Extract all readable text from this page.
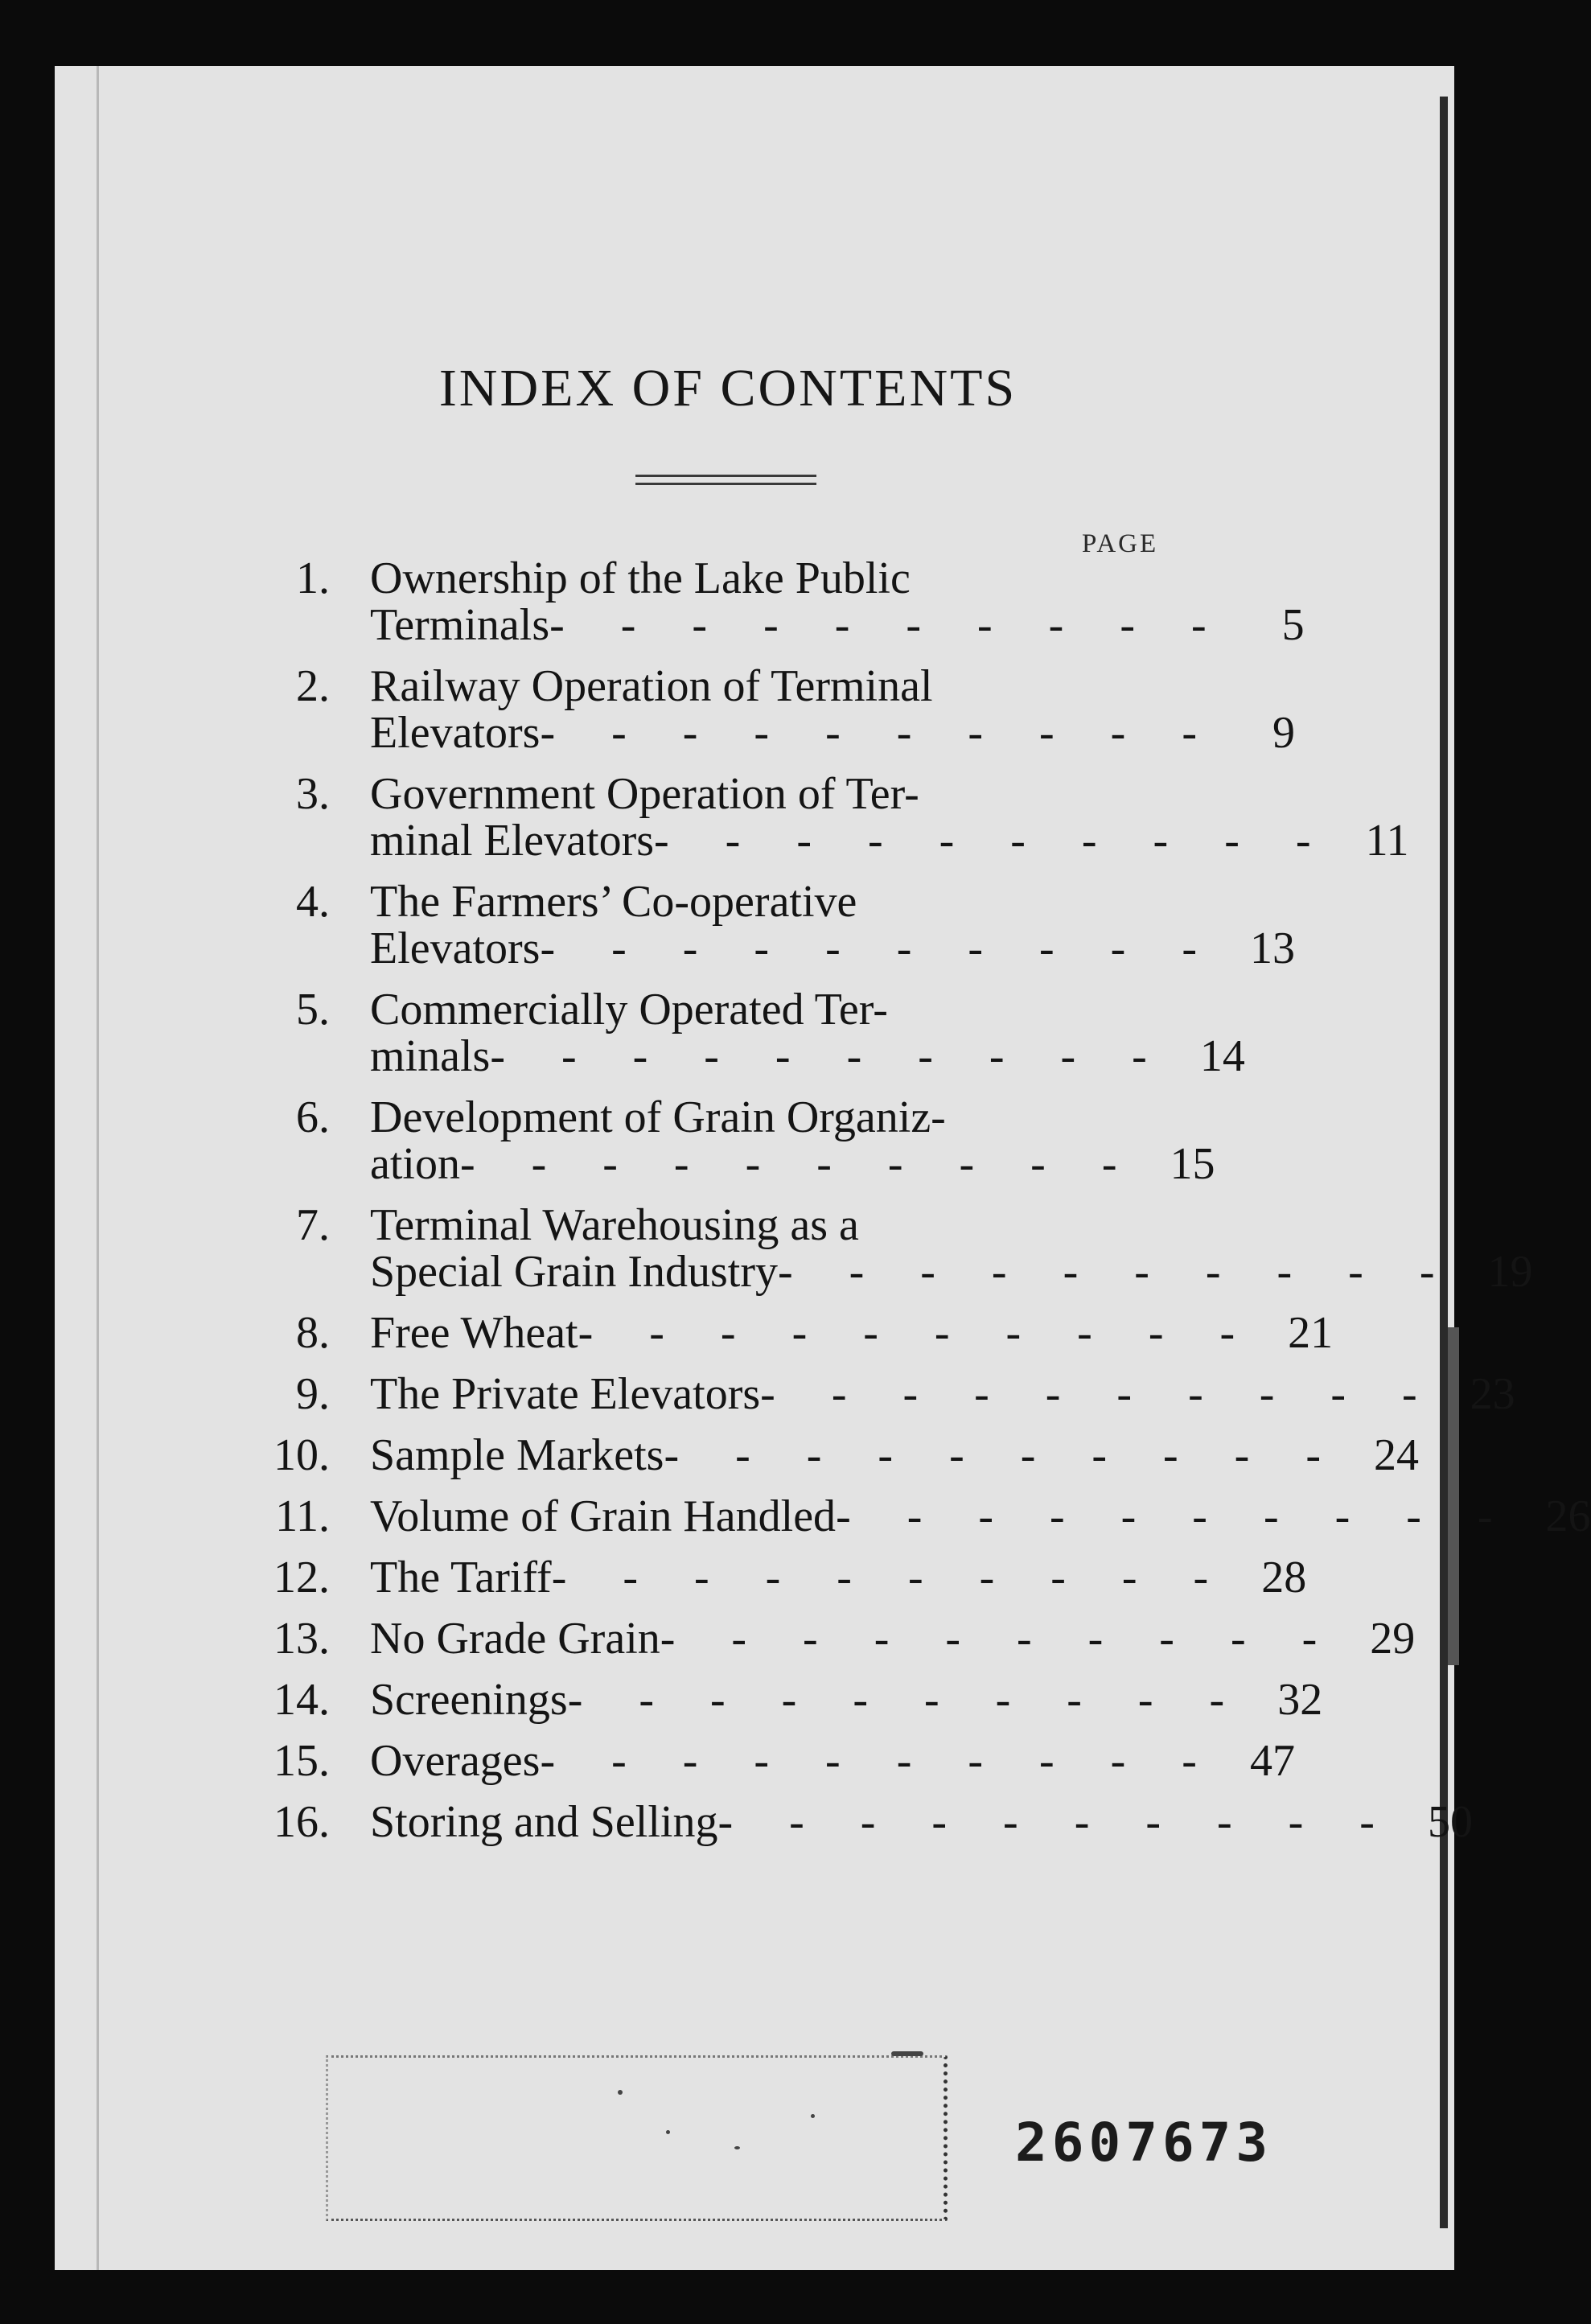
INDEX OF CONTENTS
PAGE
1. Ownership of the Lake Public
Terminals - - - - - - - - - -	5
2. Railway Operation of Terminal
Elevators - - - - - - - - - -	9
3. Government Operation of Ter-
minal Elevators - - - - - - - - - - 11
4. The Farmers’ Co-operative
Elevators - - - - - - - - - - 13
5. Commercially Operated Ter-
minals - - - - - - - - - - 14
6. Development of Grain Organiz-
ation - - - - - - - - - - 15
7. Terminal Warehousing as a
Special Grain Industry - - - - - - - - - - 19
8. Free Wheat - - - - - - - - - - 21
9. The Private Elevators - - - - - - - - - - 23
10. Sample Markets - - - - - - - - - - 24
11. Volume of Grain Handled - - - - - - - - - - 26
12. The Tariff - - - - - - - - - - 28
13. No Grade Grain - - - - - - - - - - 29
14. Screenings - - - - - - - - - - 32
15. Overages - - - - - - - - - - 47
16. Storing and Selling - - - - - - - - - - 50
2607673
